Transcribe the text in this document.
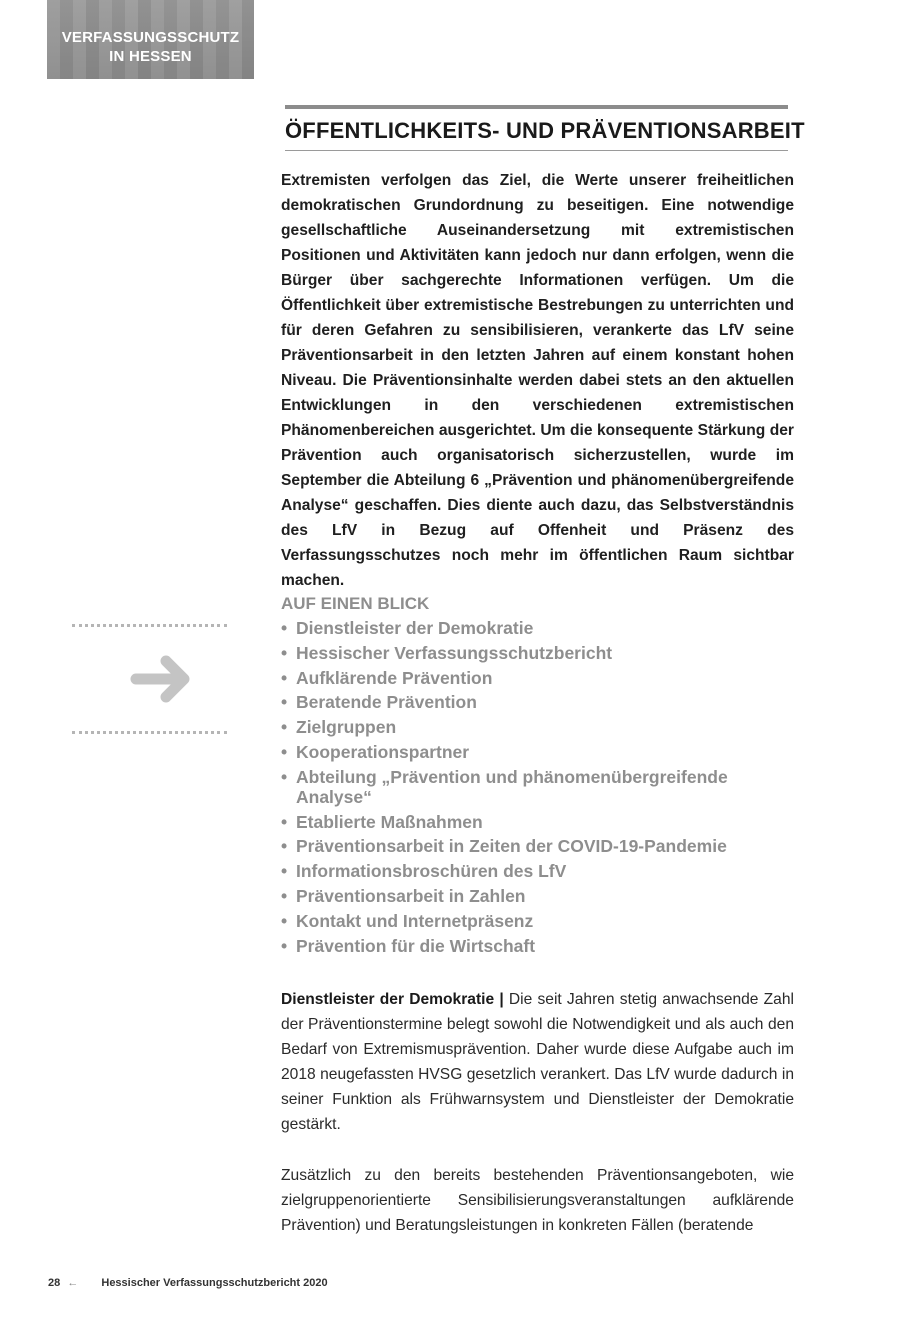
VERFASSUNGSSCHUTZ
IN HESSEN
ÖFFENTLICHKEITS- UND PRÄVENTIONSARBEIT
Extremisten verfolgen das Ziel, die Werte unserer freiheitlichen demokratischen Grundordnung zu beseitigen. Eine notwendige gesellschaftliche Auseinandersetzung mit extremistischen Positionen und Aktivitäten kann jedoch nur dann erfolgen, wenn die Bürger über sachgerechte Informationen verfügen. Um die Öffentlichkeit über extremistische Bestrebungen zu unterrichten und für deren Gefahren zu sensibilisieren, verankerte das LfV seine Präventionsarbeit in den letzten Jahren auf einem konstant hohen Niveau. Die Präventionsinhalte werden dabei stets an den aktuellen Entwicklungen in den verschiedenen extremistischen Phänomenbereichen ausgerichtet. Um die konsequente Stärkung der Prävention auch organisatorisch sicherzustellen, wurde im September die Abteilung 6 „Prävention und phänomenübergreifende Analyse“ geschaffen. Dies diente auch dazu, das Selbstverständnis des LfV in Bezug auf Offenheit und Präsenz des Verfassungsschutzes noch mehr im öffentlichen Raum sichtbar machen.
AUF EINEN BLICK
• Dienstleister der Demokratie
• Hessischer Verfassungsschutzbericht
• Aufklärende Prävention
• Beratende Prävention
• Zielgruppen
• Kooperationspartner
• Abteilung „Prävention und phänomenübergreifende Analyse“
• Etablierte Maßnahmen
• Präventionsarbeit in Zeiten der COVID-19-Pandemie
• Informationsbroschüren des LfV
• Präventionsarbeit in Zahlen
• Kontakt und Internetpräsenz
• Prävention für die Wirtschaft
Dienstleister der Demokratie | Die seit Jahren stetig anwachsende Zahl der Präventionstermine belegt sowohl die Notwendigkeit und als auch den Bedarf von Extremismusprävention. Daher wurde diese Aufgabe auch im 2018 neugefassten HVSG gesetzlich verankert. Das LfV wurde dadurch in seiner Funktion als Frühwarnsystem und Dienstleister der Demokratie gestärkt.
Zusätzlich zu den bereits bestehenden Präventionsangeboten, wie zielgruppenorientierte Sensibilisierungsveranstaltungen aufklärende Prävention) und Beratungsleistungen in konkreten Fällen (beratende
28 ← Hessischer Verfassungsschutzbericht 2020
